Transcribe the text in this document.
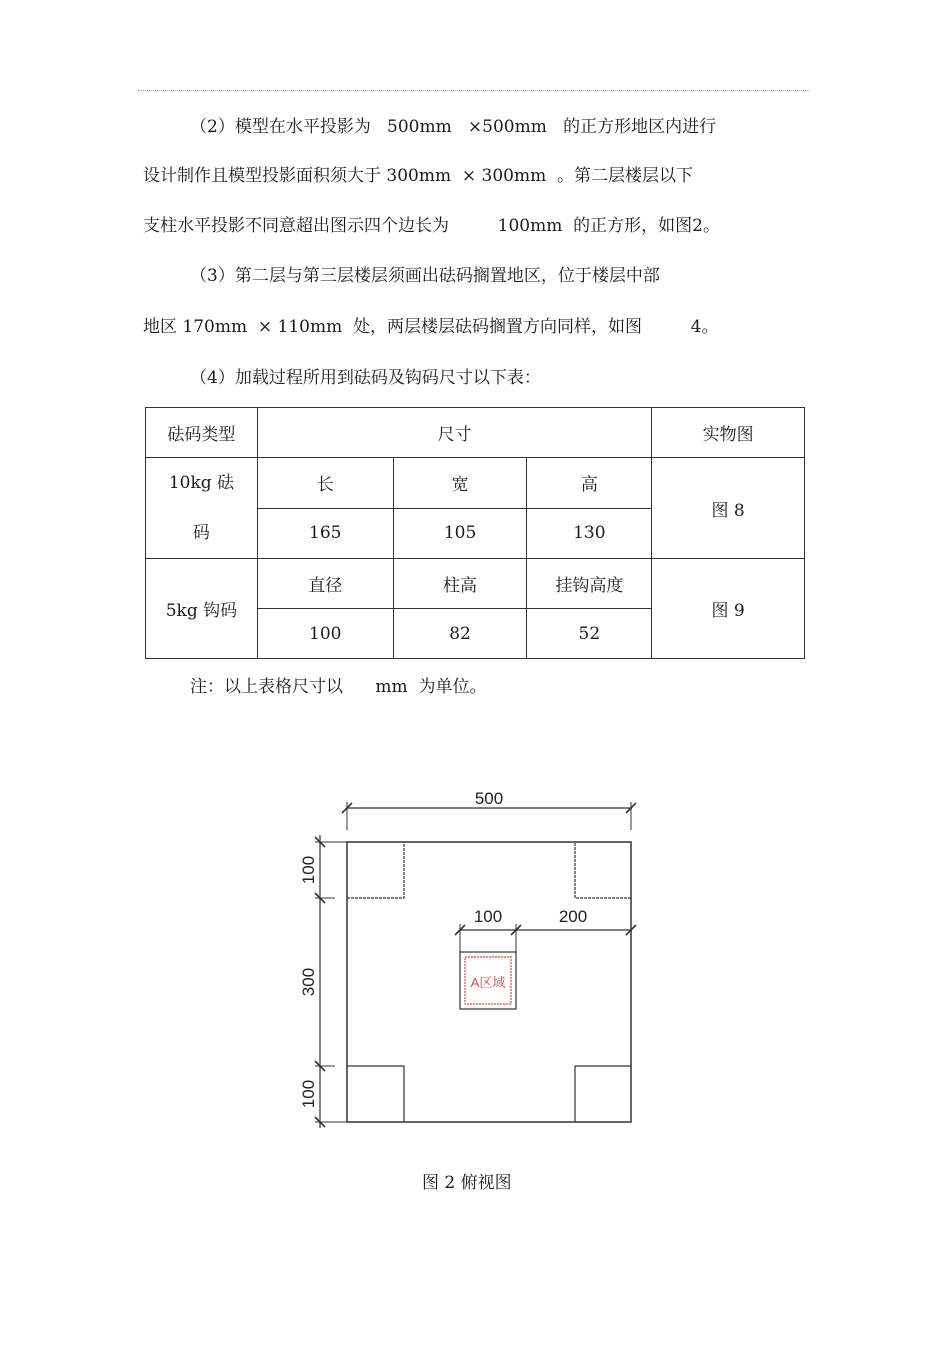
（2）模型在水平投影为   500mm   ×500mm   的正方形地区内进行
设计制作且模型投影面积须大于 300mm  × 300mm  。第二层楼层以下
支柱水平投影不同意超出图示四个边长为         100mm  的正方形，如图2。
（3）第二层与第三层楼层须画出砝码搁置地区，位于楼层中部
地区 170mm  × 110mm  处，两层楼层砝码搁置方向同样，如图         4。
（4）加载过程所用到砝码及钩码尺寸以下表：
砝码类型	尺寸			实物图

10kg 砝
码	长	宽	高	图 8
	165	105	130	
5kg 钩码	直径	柱高	挂钩高度	图 9
	100	82	52	
注：以上表格尺寸以      mm  为单位。
500
100
300
100
100	200
A区域
图 2 俯视图
